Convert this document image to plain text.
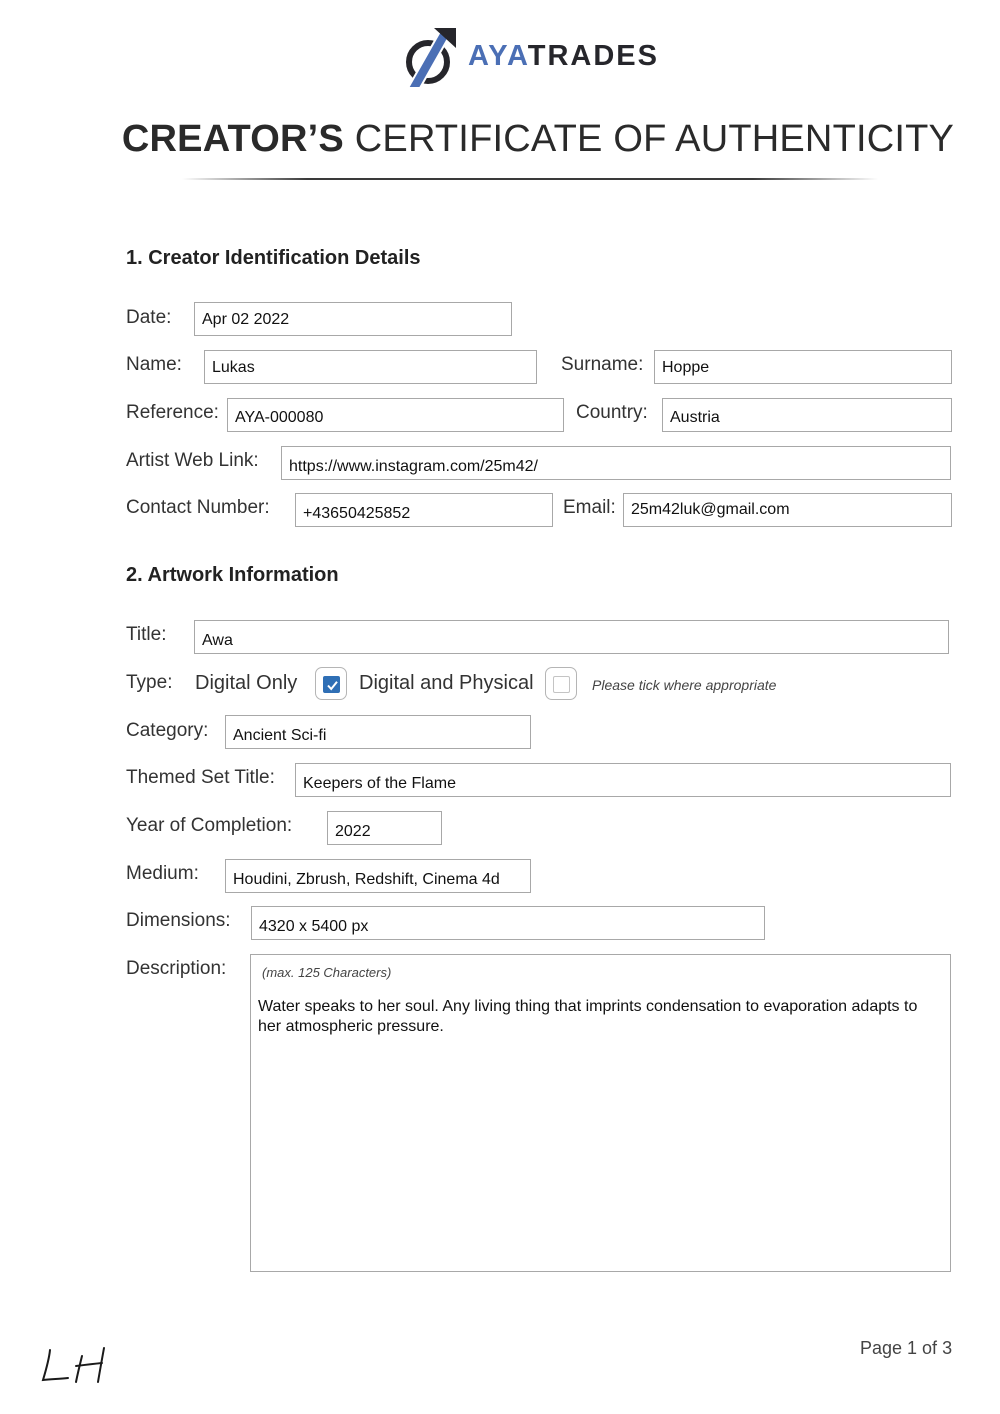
AYATRADES
CREATOR’S CERTIFICATE OF AUTHENTICITY
1. Creator Identification Details
Date:	Apr 02 2022
Name:	Lukas	Surname:	Hoppe
Reference:	AYA-000080	Country:	Austria
Artist Web Link:	https://www.instagram.com/25m42/
Contact Number:	+43650425852	Email: 25m42luk@gmail.com
2. Artwork Information
Title:	Awa
Type: Digital Only	Digital and Physical	Please tick where appropriate
Category:	Ancient Sci-fi
Themed Set Title:	Keepers of the Flame
Year of Completion:	2022
Medium:	Houdini, Zbrush, Redshift, Cinema 4d
Dimensions:	4320 x 5400 px
Description:	(max. 125 Characters)
Water speaks to her soul. Any living thing that imprints condensation to evaporation adapts to her atmospheric pressure.
Page 1 of 3
